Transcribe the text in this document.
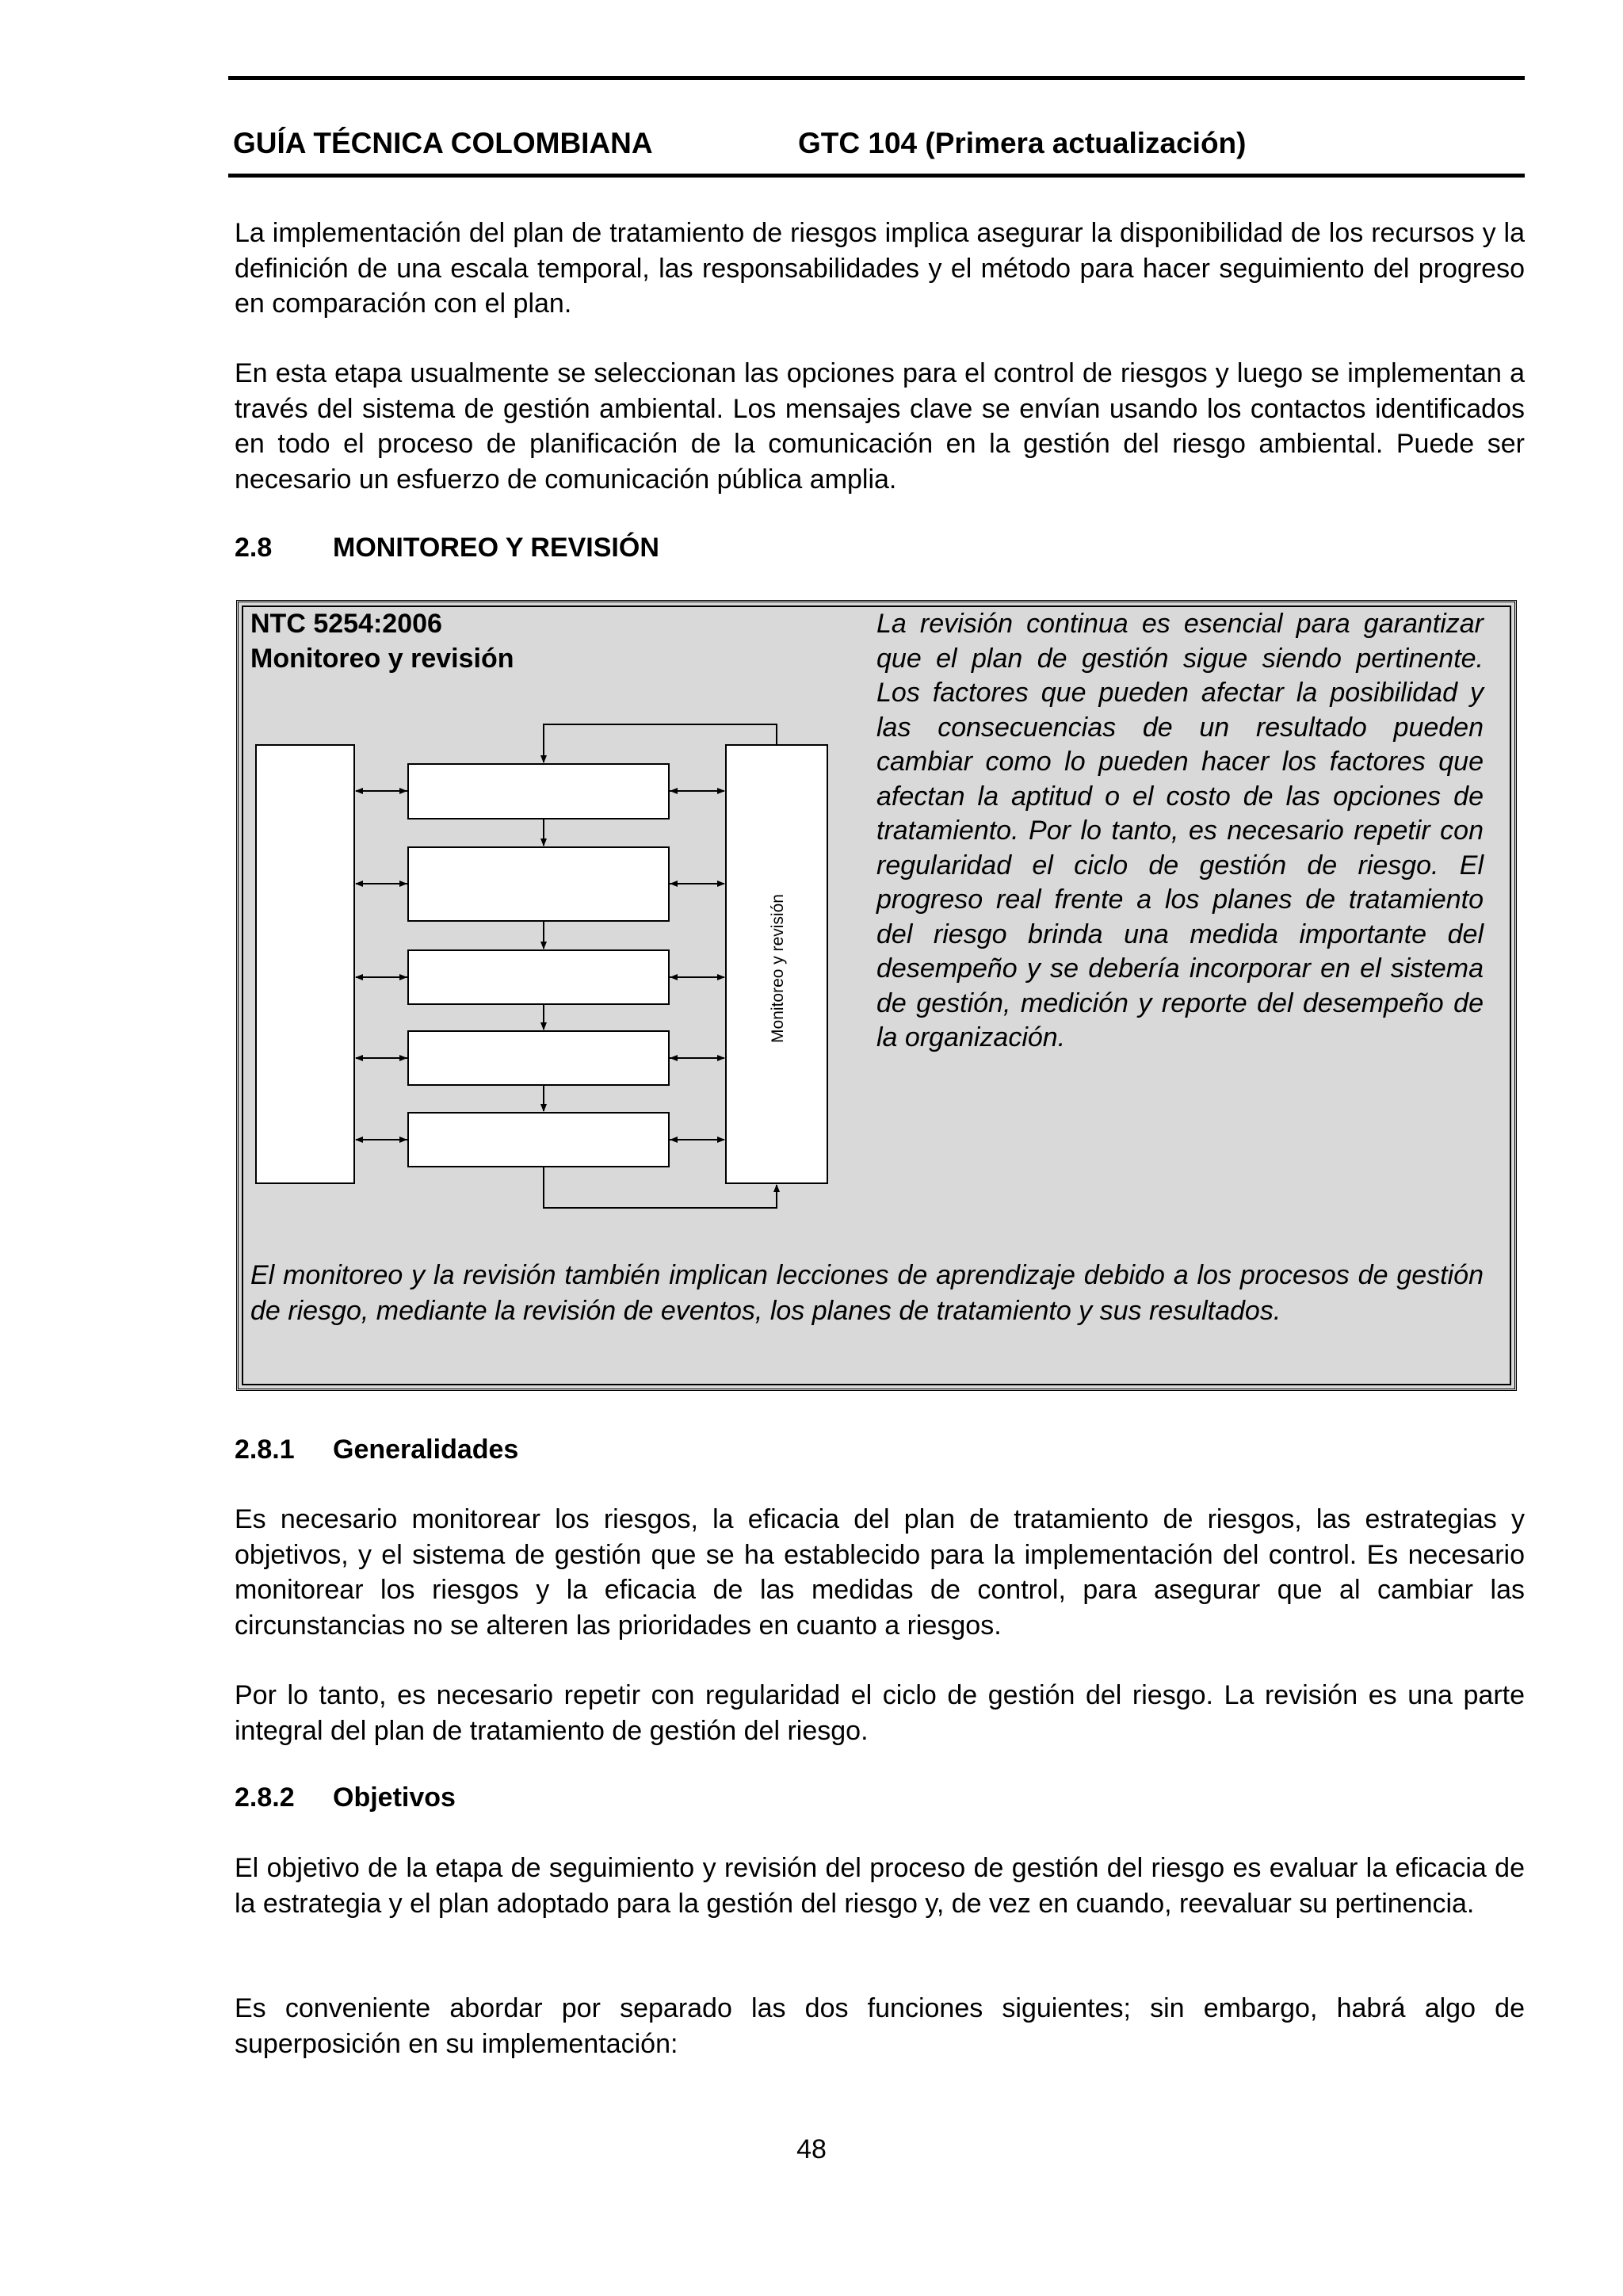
GUÍA TÉCNICA COLOMBIANA	GTC 104 (Primera actualización)

La implementación del plan de tratamiento de riesgos implica asegurar la disponibilidad de los recursos y la definición de una escala temporal, las responsabilidades y el método para hacer seguimiento del progreso en comparación con el plan.

En esta etapa usualmente se seleccionan las opciones para el control de riesgos y luego se implementan a través del sistema de gestión ambiental. Los mensajes clave se envían usando los contactos identificados en todo el proceso de planificación de la comunicación en la gestión del riesgo ambiental. Puede ser necesario un esfuerzo de comunicación pública amplia.

2.8 MONITOREO Y REVISIÓN
NTC 5254:2006
Monitoreo y revisión

La revisión continua es esencial para garantizar que el plan de gestión sigue siendo pertinente. Los factores que pueden afectar la posibilidad y las consecuencias de un resultado pueden cambiar como lo pueden hacer los factores que afectan la aptitud o el costo de las opciones de tratamiento. Por lo tanto, es necesario repetir con regularidad el ciclo de gestión de riesgo. El progreso real frente a los planes de tratamiento del riesgo brinda una medida importante del desempeño y se debería incorporar en el sistema de gestión, medición y reporte del desempeño de la organización.

El monitoreo y la revisión también implican lecciones de aprendizaje debido a los procesos de gestión de riesgo, mediante la revisión de eventos, los planes de tratamiento y sus resultados.

Monitoreo y revisión
2.8.1 Generalidades

Es necesario monitorear los riesgos, la eficacia del plan de tratamiento de riesgos, las estrategias y objetivos, y el sistema de gestión que se ha establecido para la implementación del control. Es necesario monitorear los riesgos y la eficacia de las medidas de control, para asegurar que al cambiar las circunstancias no se alteren las prioridades en cuanto a riesgos.

Por lo tanto, es necesario repetir con regularidad el ciclo de gestión del riesgo. La revisión es una parte integral del plan de tratamiento de gestión del riesgo.

2.8.2 Objetivos

El objetivo de la etapa de seguimiento y revisión del proceso de gestión del riesgo es evaluar la eficacia de la estrategia y el plan adoptado para la gestión del riesgo y, de vez en cuando, reevaluar su pertinencia.

Es conveniente abordar por separado las dos funciones siguientes; sin embargo, habrá algo de superposición en su implementación:

48
